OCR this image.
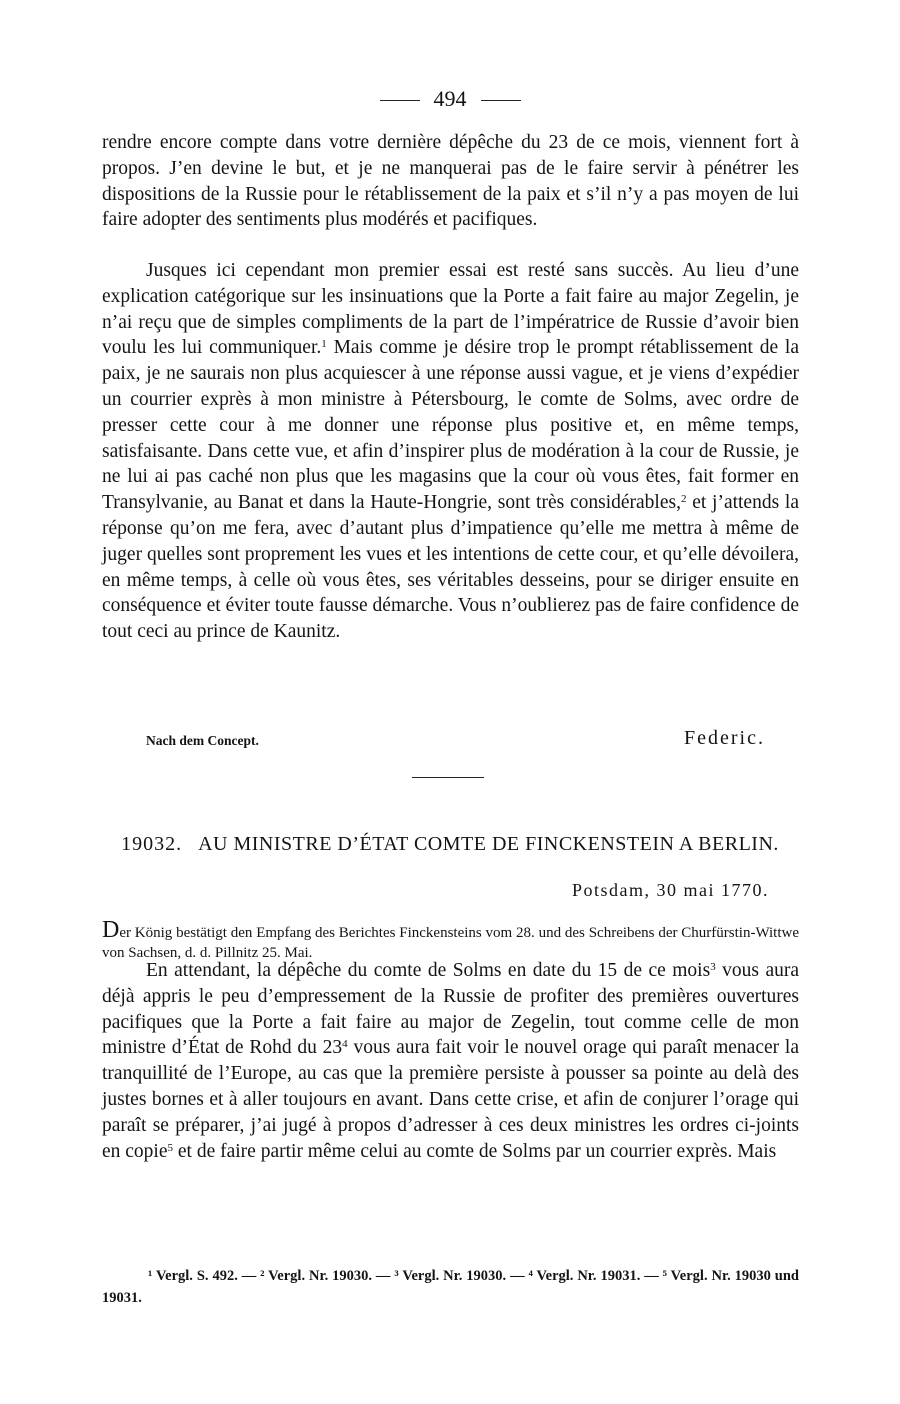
494

rendre encore compte dans votre dernière dépêche du 23 de ce mois, viennent fort à propos. J’en devine le but, et je ne manquerai pas de le faire servir à pénétrer les dispositions de la Russie pour le rétablissement de la paix et s’il n’y a pas moyen de lui faire adopter des sentiments plus modérés et pacifiques.

Jusques ici cependant mon premier essai est resté sans succès. Au lieu d’une explication catégorique sur les insinuations que la Porte a fait faire au major Zegelin, je n’ai reçu que de simples compliments de la part de l’impératrice de Russie d’avoir bien voulu les lui communiquer.$^1$ Mais comme je désire trop le prompt rétablissement de la paix, je ne saurais non plus acquiescer à une réponse aussi vague, et je viens d’expédier un courrier exprès à mon ministre à Pétersbourg, le comte de Solms, avec ordre de presser cette cour à me donner une réponse plus positive et, en même temps, satisfaisante. Dans cette vue, et afin d’inspirer plus de modération à la cour de Russie, je ne lui ai pas caché non plus que les magasins que la cour où vous êtes, fait former en Transylvanie, au Banat et dans la Haute-Hongrie, sont très considérables,$^2$ et j’attends la réponse qu’on me fera, avec d’autant plus d’impatience qu’elle me mettra à même de juger quelles sont proprement les vues et les intentions de cette cour, et qu’elle dévoilera, en même temps, à celle où vous êtes, ses véritables desseins, pour se diriger ensuite en conséquence et éviter toute fausse démarche. Vous n’oublierez pas de faire confidence de tout ceci au prince de Kaunitz.

Nach dem Concept.	Federic.
19032. AU MINISTRE D’ÉTAT COMTE DE FINCKENSTEIN A BERLIN.
Potsdam, 30 mai 1770.

Der König bestätigt den Empfang des Berichtes Finckensteins vom 28. und des Schreibens der Churfürstin-Wittwe von Sachsen, d. d. Pillnitz 25. Mai.

En attendant, la dépêche du comte de Solms en date du 15 de ce mois$^3$ vous aura déjà appris le peu d’empressement de la Russie de profiter des premières ouvertures pacifiques que la Porte a fait faire au major de Zegelin, tout comme celle de mon ministre d’État de Rohd du $23^4$ vous aura fait voir le nouvel orage qui paraît menacer la tranquillité de l’Europe, au cas que la première persiste à pousser sa pointe au delà des justes bornes et à aller toujours en avant. Dans cette crise, et afin de conjurer l’orage qui paraît se préparer, j’ai jugé à propos d’adresser à ces deux ministres les ordres ci-joints en copie$^5$ et de faire partir même celui au comte de Solms par un courrier exprès. Mais

¹ Vergl. S. 492. — ² Vergl. Nr. 19030. — ³ Vergl. Nr. 19030. — ⁴ Vergl. Nr. 19031. — ⁵ Vergl. Nr. 19030 und 19031.
